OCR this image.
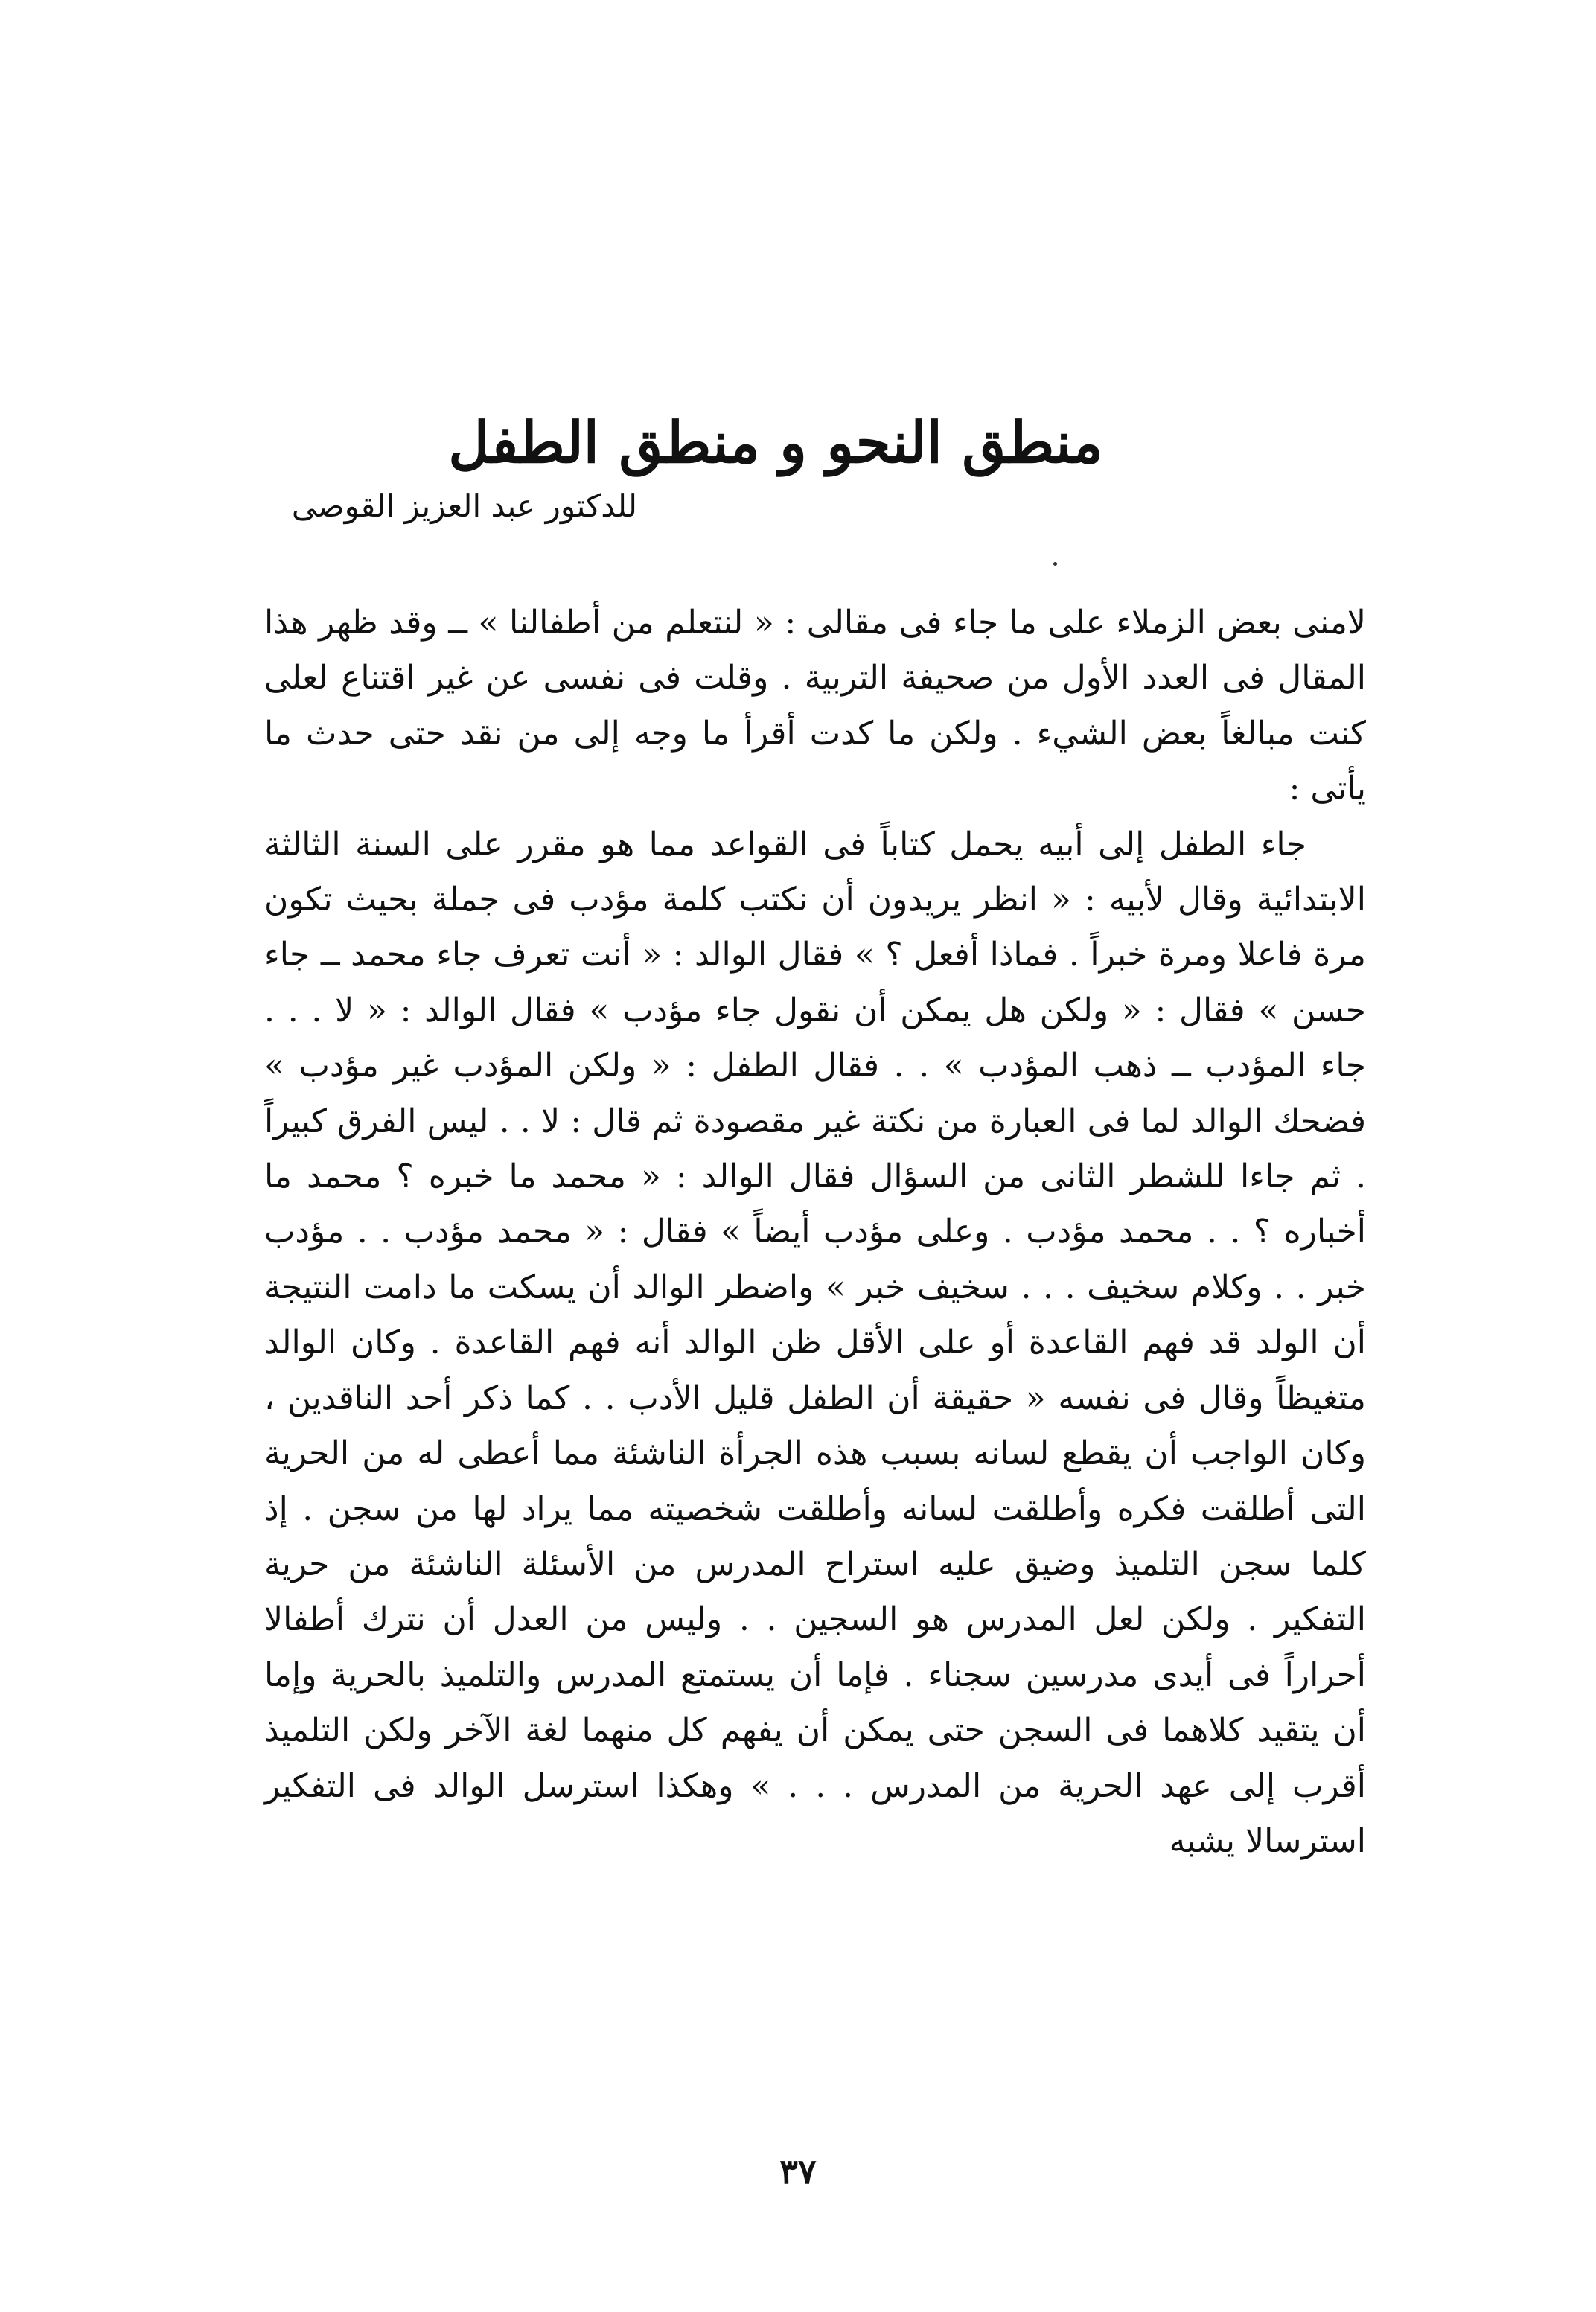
منطق النحو و منطق الطفل
للدكتور عبد العزيز القوصى

لامنى بعض الزملاء على ما جاء فى مقالى : « لنتعلم من أطفالنا » ــ وقد ظهر هذا المقال فى العدد الأول من صحيفة التربية . وقلت فى نفسى عن غير اقتناع لعلى كنت مبالغاً بعض الشيء . ولكن ما كدت أقرأ ما وجه إلى من نقد حتى حدث ما يأتى :

جاء الطفل إلى أبيه يحمل كتاباً فى القواعد مما هو مقرر على السنة الثالثة الابتدائية وقال لأبيه : « انظر يريدون أن نكتب كلمة مؤدب فى جملة بحيث تكون مرة فاعلا ومرة خبراً . فماذا أفعل ؟ » فقال الوالد : « أنت تعرف جاء محمد ــ جاء حسن » فقال : « ولكن هل يمكن أن نقول جاء مؤدب » فقال الوالد : « لا . . . جاء المؤدب ــ ذهب المؤدب » . . فقال الطفل : « ولكن المؤدب غير مؤدب » فضحك الوالد لما فى العبارة من نكتة غير مقصودة ثم قال : لا . . ليس الفرق كبيراً . ثم جاءا للشطر الثانى من السؤال فقال الوالد : « محمد ما خبره ؟ محمد ما أخباره ؟ . . محمد مؤدب . وعلى مؤدب أيضاً » فقال : « محمد مؤدب . . مؤدب خبر . . وكلام سخيف . . . سخيف خبر » واضطر الوالد أن يسكت ما دامت النتيجة أن الولد قد فهم القاعدة أو على الأقل ظن الوالد أنه فهم القاعدة . وكان الوالد متغيظاً وقال فى نفسه « حقيقة أن الطفل قليل الأدب . . كما ذكر أحد الناقدين ، وكان الواجب أن يقطع لسانه بسبب هذه الجرأة الناشئة مما أعطى له من الحرية التى أطلقت فكره وأطلقت لسانه وأطلقت شخصيته مما يراد لها من سجن . إذ كلما سجن التلميذ وضيق عليه استراح المدرس من الأسئلة الناشئة من حرية التفكير . ولكن لعل المدرس هو السجين . . وليس من العدل أن نترك أطفالا أحراراً فى أيدى مدرسين سجناء . فإما أن يستمتع المدرس والتلميذ بالحرية وإما أن يتقيد كلاهما فى السجن حتى يمكن أن يفهم كل منهما لغة الآخر ولكن التلميذ أقرب إلى عهد الحرية من المدرس . . . » وهكذا استرسل الوالد فى التفكير استرسالا يشبه

٣٧
